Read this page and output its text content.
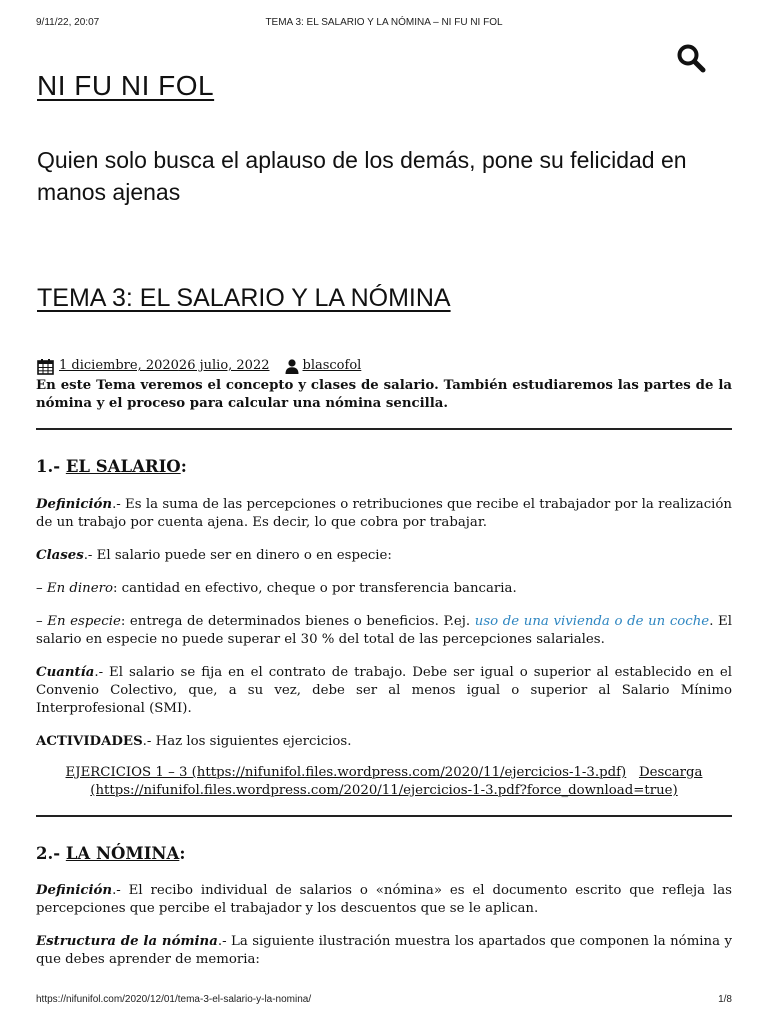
9/11/22, 20:07	TEMA 3: EL SALARIO Y LA NÓMINA – NI FU NI FOL
NI FU NI FOL

Quien solo busca el aplauso de los demás, pone su felicidad en manos ajenas

TEMA 3: EL SALARIO Y LA NÓMINA
1 diciembre, 202026 julio, 2022	blascofol

En este Tema veremos el concepto y clases de salario. También estudiaremos las partes de la nómina y el proceso para calcular una nómina sencilla.

1.- EL SALARIO:

Definición.- Es la suma de las percepciones o retribuciones que recibe el trabajador por la realización de un trabajo por cuenta ajena. Es decir, lo que cobra por trabajar.

Clases.- El salario puede ser en dinero o en especie:

– En dinero: cantidad en efectivo, cheque o por transferencia bancaria.

– En especie: entrega de determinados bienes o beneficios. P.ej. uso de una vivienda o de un coche. El salario en especie no puede superar el 30 % del total de las percepciones salariales.

Cuantía.- El salario se fija en el contrato de trabajo. Debe ser igual o superior al establecido en el Convenio Colectivo, que, a su vez, debe ser al menos igual o superior al Salario Mínimo Interprofesional (SMI).

ACTIVIDADES.- Haz los siguientes ejercicios.

EJERCICIOS 1 – 3 (https://nifunifol.files.wordpress.com/2020/11/ejercicios-1-3.pdf) Descarga (https://nifunifol.files.wordpress.com/2020/11/ejercicios-1-3.pdf?force_download=true)

2.- LA NÓMINA:

Definición.- El recibo individual de salarios o «nómina» es el documento escrito que refleja las percepciones que percibe el trabajador y los descuentos que se le aplican.

Estructura de la nómina.- La siguiente ilustración muestra los apartados que componen la nómina y que debes aprender de memoria:

https://nifunifol.com/2020/12/01/tema-3-el-salario-y-la-nomina/	1/8
